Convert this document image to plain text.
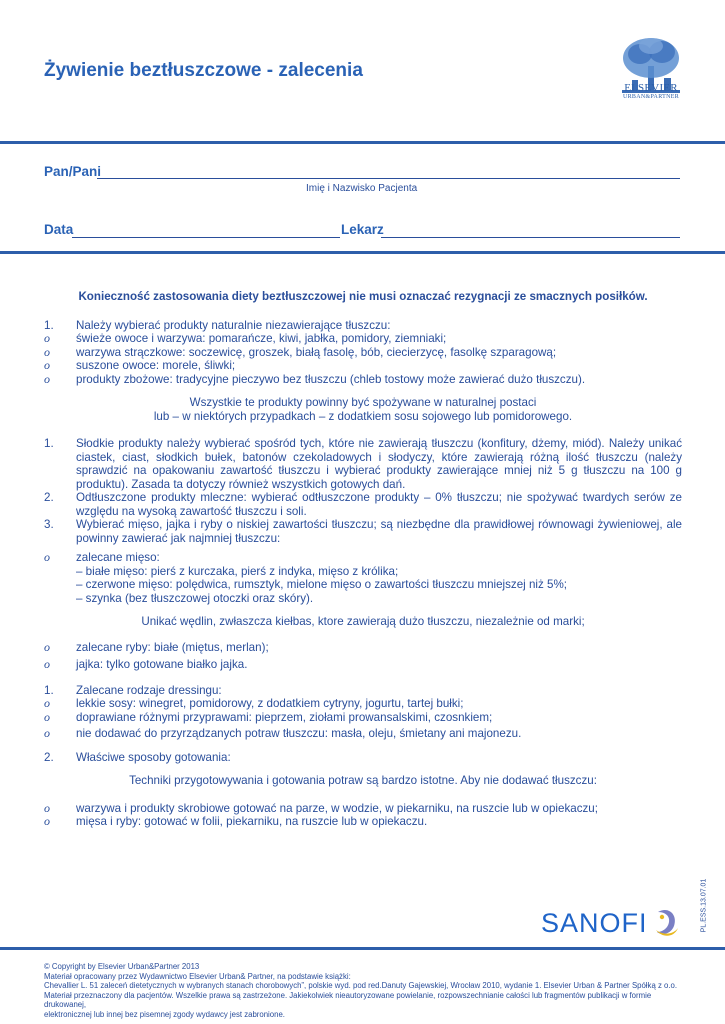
Żywienie beztłuszczowe - zalecenia
ELSEVIER
URBAN&PARTNER
Pan/Pani
Imię i Nazwisko Pacjenta
Data	Lekarz

Konieczność zastosowania diety beztłuszczowej nie musi oznaczać rezygnacji ze smacznych posiłków.

1.	Należy wybierać produkty naturalnie niezawierające tłuszczu:
o	świeże owoce i warzywa: pomarańcze, kiwi, jabłka, pomidory, ziemniaki;
o	warzywa strączkowe: soczewicę, groszek, białą fasolę, bób, ciecierzycę, fasolkę szparagową;
o	suszone owoce: morele, śliwki;
o	produkty zbożowe: tradycyjne pieczywo bez tłuszczu (chleb tostowy może zawierać dużo tłuszczu).

Wszystkie te produkty powinny być spożywane w naturalnej postaci

lub – w niektórych przypadkach – z dodatkiem sosu sojowego lub pomidorowego.

1.	Słodkie produkty należy wybierać spośród tych, które nie zawierają tłuszczu (konfitury, dżemy, miód). Należy unikać ciastek, ciast, słodkich bułek, batonów czekoladowych i słodyczy, które zawierają różną ilość tłuszczu (należy sprawdzić na opakowaniu zawartość tłuszczu i wybierać produkty zawierające mniej niż 5 g tłuszczu na 100 g produktu). Zasada ta dotyczy również wszystkich gotowych dań.
2.	Odtłuszczone produkty mleczne: wybierać odtłuszczone produkty – 0% tłuszczu; nie spożywać twardych serów ze względu na wysoką zawartość tłuszczu i soli.
3.	Wybierać mięso, jajka i ryby o niskiej zawartości tłuszczu; są niezbędne dla prawidłowej równowagi żywieniowej, ale powinny zawierać jak najmniej tłuszczu:
o	zalecane mięso:

– białe mięso: pierś z kurczaka, pierś z indyka, mięso z królika;

– czerwone mięso: polędwica, rumsztyk, mielone mięso o zawartości tłuszczu mniejszej niż 5%;

– szynka (bez tłuszczowej otoczki oraz skóry).

Unikać wędlin, zwłaszcza kiełbas, ktore zawierają dużo tłuszczu, niezależnie od marki;

o	zalecane ryby: białe (miętus, merlan);
o	jajka: tylko gotowane białko jajka.
1.	Zalecane rodzaje dressingu:
o	lekkie sosy: winegret, pomidorowy, z dodatkiem cytryny, jogurtu, tartej bułki;
o	doprawiane różnymi przyprawami: pieprzem, ziołami prowansalskimi, czosnkiem;
o	nie dodawać do przyrządzanych potraw tłuszczu: masła, oleju, śmietany ani majonezu.
2.	Właściwe sposoby gotowania:

Techniki przygotowywania i gotowania potraw są bardzo istotne. Aby nie dodawać tłuszczu:

o	warzywa i produkty skrobiowe gotować na parze, w wodzie, w piekarniku, na ruszcie lub w opiekaczu;
o	mięsa i ryby: gotować w folii, piekarniku, na ruszcie lub w opiekaczu.
SANOFI	PL.ESS.13.07.01

© Copyright by Elsevier Urban&Partner 2013

Materiał opracowany przez Wydawnictwo Elsevier Urban& Partner, na podstawie książki:

Chevallier L. 51 zaleceń dietetycznych w wybranych stanach chorobowych”, polskie wyd. pod red.Danuty Gajewskiej, Wrocław 2010, wydanie 1. Elsevier Urban & Partner Spółką z o.o.

Materiał przeznaczony dla pacjentów. Wszelkie prawa są zastrzeżone. Jakiekolwiek nieautoryzowane powielanie, rozpowszechnianie całości lub fragmentów publikacji w formie drukowanej,

elektronicznej lub innej bez pisemnej zgody wydawcy jest zabronione.
